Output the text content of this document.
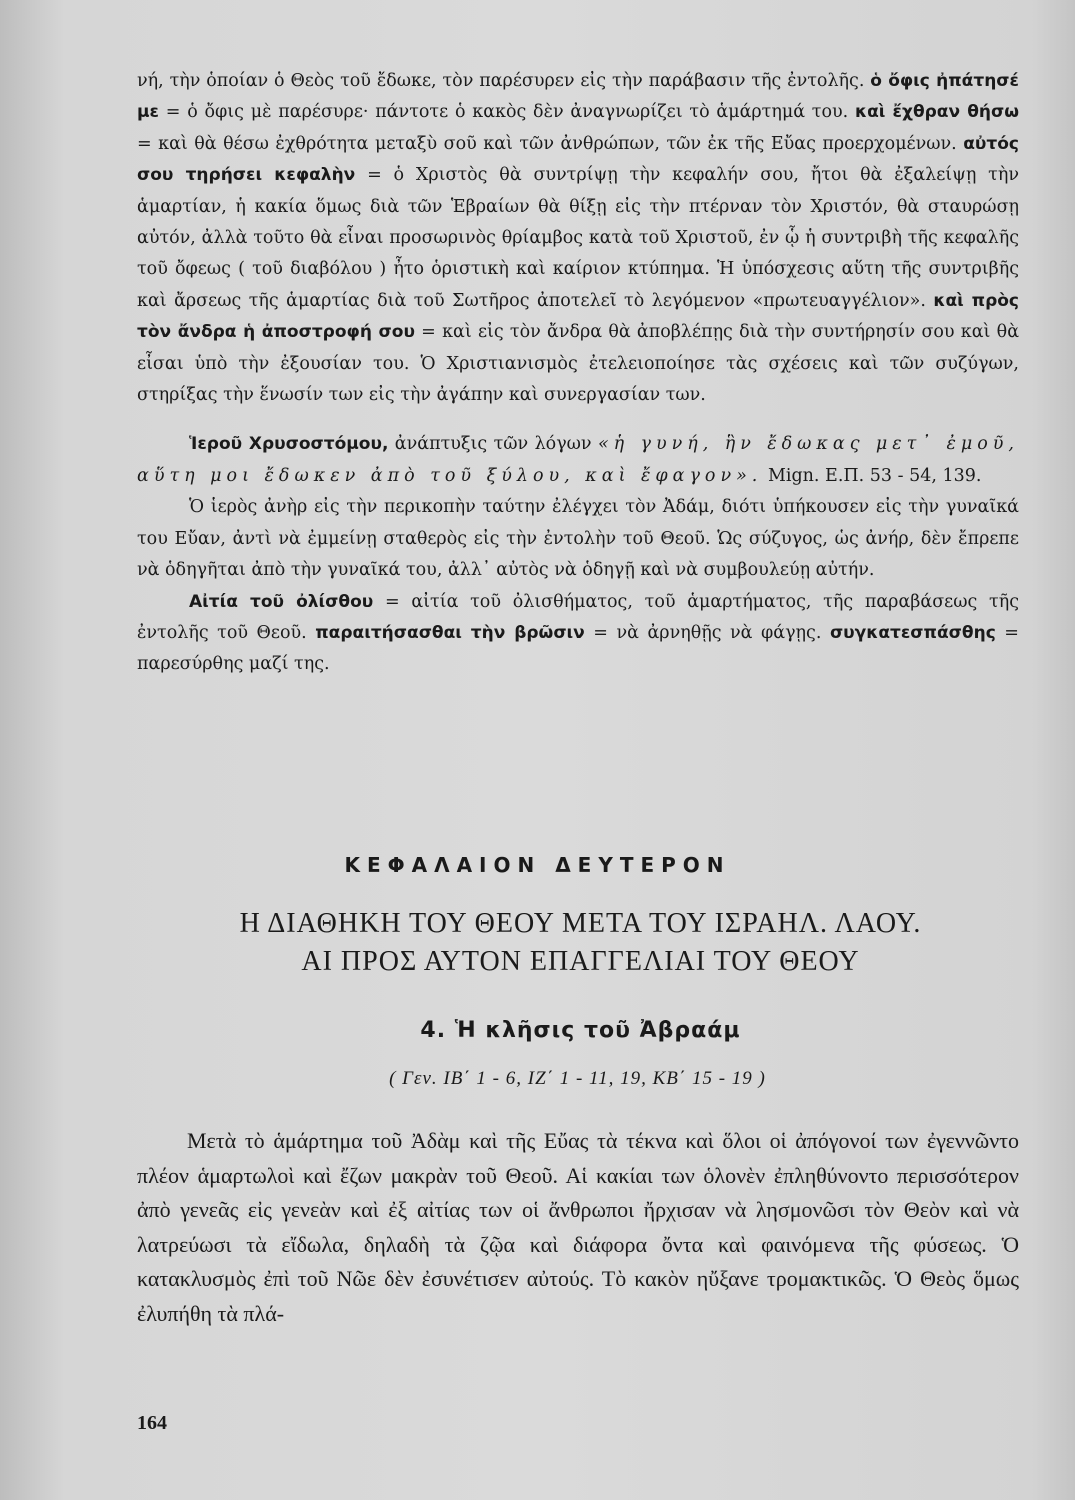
νή, τὴν ὁποίαν ὁ Θεὸς τοῦ ἔδωκε, τὸν παρέσυρεν εἰς τὴν παράβασιν τῆς ἐντολῆς. ὁ ὄφις ἠπάτησέ με = ὁ ὄφις μὲ παρέσυρε· πάντοτε ὁ κακὸς δὲν ἀναγνωρίζει τὸ ἁμάρτημά του. καὶ ἔχθραν θήσω = καὶ θὰ θέσω ἐχθρότητα μεταξὺ σοῦ καὶ τῶν ἀνθρώπων, τῶν ἐκ τῆς Εὔας προερχομένων. αὐτός σου τηρήσει κεφαλὴν = ὁ Χριστὸς θὰ συντρίψῃ τὴν κεφαλήν σου, ἤτοι θὰ ἐξαλείψῃ τὴν ἁμαρτίαν, ἡ κακία ὅμως διὰ τῶν Ἑβραίων θὰ θίξῃ εἰς τὴν πτέρναν τὸν Χριστόν, θὰ σταυρώσῃ αὐτόν, ἀλλὰ τοῦτο θὰ εἶναι προσωρινὸς θρίαμβος κατὰ τοῦ Χριστοῦ, ἐν ᾧ ἡ συντριβὴ τῆς κεφαλῆς τοῦ ὄφεως ( τοῦ διαβόλου ) ἦτο ὁριστικὴ καὶ καίριον κτύπημα. Ἡ ὑπόσχεσις αὕτη τῆς συντριβῆς καὶ ἄρσεως τῆς ἁμαρτίας διὰ τοῦ Σωτῆρος ἀποτελεῖ τὸ λεγόμενον «πρωτευαγγέλιον». καὶ πρὸς τὸν ἄνδρα ἡ ἀποστροφή σου = καὶ εἰς τὸν ἄνδρα θὰ ἀποβλέπῃς διὰ τὴν συντήρησίν σου καὶ θὰ εἶσαι ὑπὸ τὴν ἐξουσίαν του. Ὁ Χριστιανισμὸς ἐτελειοποίησε τὰς σχέσεις καὶ τῶν συζύγων, στηρίξας τὴν ἕνωσίν των εἰς τὴν ἀγάπην καὶ συνεργασίαν των.

Ἱεροῦ Χρυσοστόμου, ἀνάπτυξις τῶν λόγων «ἡ γυνή, ἣν ἔδωκας μετ᾽ ἐμοῦ, αὕτη μοι ἔδωκεν ἀπὸ τοῦ ξύλου, καὶ ἔφαγον». Mign. Ε.Π. 53 - 54, 139.

Ὁ ἱερὸς ἀνὴρ εἰς τὴν περικοπὴν ταύτην ἐλέγχει τὸν Ἀδάμ, διότι ὑπήκουσεν εἰς τὴν γυναῖκά του Εὔαν, ἀντὶ νὰ ἐμμείνῃ σταθερὸς εἰς τὴν ἐντολὴν τοῦ Θεοῦ. Ὡς σύζυγος, ὡς ἀνήρ, δὲν ἔπρεπε νὰ ὁδηγῆται ἀπὸ τὴν γυναῖκά του, ἀλλ᾽ αὐτὸς νὰ ὁδηγῇ καὶ νὰ συμβουλεύῃ αὐτήν.

Αἰτία τοῦ ὀλίσθου = αἰτία τοῦ ὀλισθήματος, τοῦ ἁμαρτήματος, τῆς παραβάσεως τῆς ἐντολῆς τοῦ Θεοῦ. παραιτήσασθαι τὴν βρῶσιν = νὰ ἀρνηθῇς νὰ φάγῃς. συγκατεσπάσθης = παρεσύρθης μαζί της.

ΚΕΦΑΛΑΙΟΝ ΔΕΥΤΕΡΟΝ
Η ΔΙΑΘΗΚΗ ΤΟΥ ΘΕΟΥ ΜΕΤΑ ΤΟΥ ΙΣΡΑΗΛ. ΛΑΟΥ.
ΑΙ ΠΡΟΣ ΑΥΤΟΝ ΕΠΑΓΓΕΛΙΑΙ ΤΟΥ ΘΕΟΥ
4. Ἡ κλῆσις τοῦ Ἀβραάμ
( Γεν. ΙΒ΄ 1 - 6, ΙΖ΄ 1 - 11, 19, ΚΒ΄ 15 - 19 )

Μετὰ τὸ ἁμάρτημα τοῦ Ἀδὰμ καὶ τῆς Εὔας τὰ τέκνα καὶ ὅλοι οἱ ἀπόγονοί των ἐγεννῶντο πλέον ἁμαρτωλοὶ καὶ ἔζων μακρὰν τοῦ Θεοῦ. Αἱ κακίαι των ὁλονὲν ἐπληθύνοντο περισσότερον ἀπὸ γενεᾶς εἰς γενεὰν καὶ ἐξ αἰτίας των οἱ ἄνθρωποι ἤρχισαν νὰ λησμονῶσι τὸν Θεὸν καὶ νὰ λατρεύωσι τὰ εἴδωλα, δηλαδὴ τὰ ζῷα καὶ διάφορα ὄντα καὶ φαινόμενα τῆς φύσεως. Ὁ κατακλυσμὸς ἐπὶ τοῦ Νῶε δὲν ἐσυνέτισεν αὐτούς. Τὸ κακὸν ηὔξανε τρομακτικῶς. Ὁ Θεὸς ὅμως ἐλυπήθη τὰ πλά-

164
